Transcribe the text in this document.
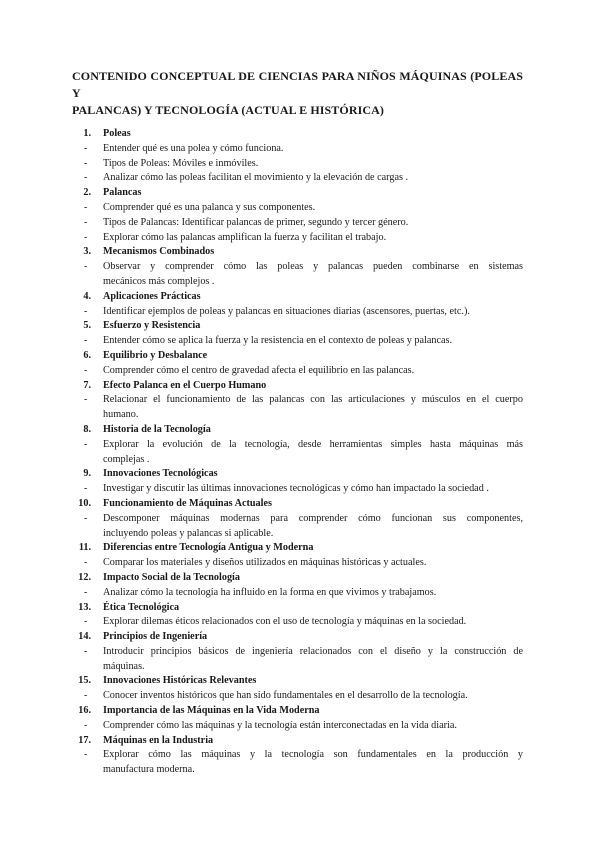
CONTENIDO CONCEPTUAL DE CIENCIAS PARA NIÑOS MÁQUINAS (POLEAS Y
PALANCAS) Y TECNOLOGÍA (ACTUAL E HISTÓRICA)
1. Poleas
- Entender qué es una polea y cómo funciona.
- Tipos de Poleas: Móviles e inmóviles.
- Analizar cómo las poleas facilitan el movimiento y la elevación de cargas .
2. Palancas
- Comprender qué es una palanca y sus componentes.
- Tipos de Palancas: Identificar palancas de primer, segundo y tercer género.
- Explorar cómo las palancas amplifican la fuerza y facilitan el trabajo.
3. Mecanismos Combinados
- Observar y comprender cómo las poleas y palancas pueden combinarse en sistemas
mecánicos más complejos .
4. Aplicaciones Prácticas
- Identificar ejemplos de poleas y palancas en situaciones diarias (ascensores, puertas, etc.).
5. Esfuerzo y Resistencia
- Entender cómo se aplica la fuerza y la resistencia en el contexto de poleas y palancas.
6. Equilibrio y Desbalance
- Comprender cómo el centro de gravedad afecta el equilibrio en las palancas.
7. Efecto Palanca en el Cuerpo Humano
- Relacionar el funcionamiento de las palancas con las articulaciones y músculos en el cuerpo
humano.
8. Historia de la Tecnología
- Explorar la evolución de la tecnología, desde herramientas simples hasta máquinas más
complejas .
9. Innovaciones Tecnológicas
- Investigar y discutir las últimas innovaciones tecnológicas y cómo han impactado la sociedad .
10. Funcionamiento de Máquinas Actuales
- Descomponer máquinas modernas para comprender cómo funcionan sus componentes,
incluyendo poleas y palancas si aplicable.
11. Diferencias entre Tecnología Antigua y Moderna
- Comparar los materiales y diseños utilizados en máquinas históricas y actuales.
12. Impacto Social de la Tecnología
- Analizar cómo la tecnología ha influido en la forma en que vivimos y trabajamos.
13. Ética Tecnológica
- Explorar dilemas éticos relacionados con el uso de tecnología y máquinas en la sociedad.
14. Principios de Ingeniería
- Introducir principios básicos de ingeniería relacionados con el diseño y la construcción de
máquinas.
15. Innovaciones Históricas Relevantes
- Conocer inventos históricos que han sido fundamentales en el desarrollo de la tecnología.
16. Importancia de las Máquinas en la Vida Moderna
- Comprender cómo las máquinas y la tecnología están interconectadas en la vida diaria.
17. Máquinas en la Industria
- Explorar cómo las máquinas y la tecnología son fundamentales en la producción y
manufactura moderna.
